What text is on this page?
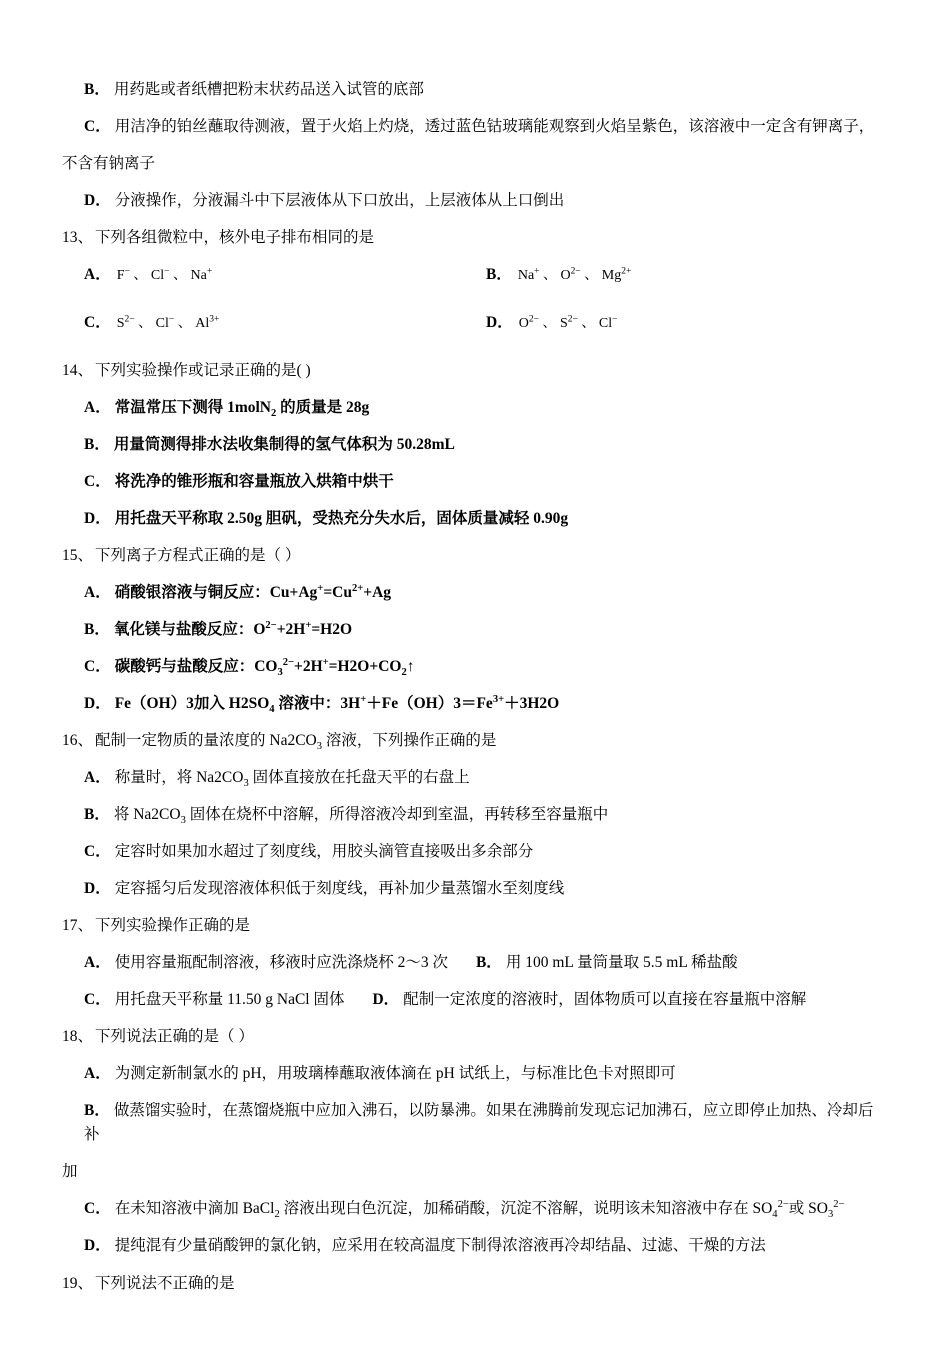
B． 用药匙或者纸槽把粉末状药品送入试管的底部

C． 用洁净的铂丝蘸取待测液，置于火焰上灼烧，透过蓝色钴玻璃能观察到火焰呈紫色，该溶液中一定含有钾离子，

不含有钠离子

D． 分液操作，分液漏斗中下层液体从下口放出，上层液体从上口倒出

13、 下列各组微粒中，核外电子排布相同的是

A． F− 、 Cl− 、 Na+	B． Na+ 、 $O^{2-}$ 、 $Mg^{2+}$
C． $S^{2-}$ 、 Cl− 、 $Al^{3+}$	D． $O^{2-}$ 、 $S^{2-}$ 、 Cl−

14、 下列实验操作或记录正确的是( )

A． 常温常压下测得 1molN$_2$ 的质量是 28g

B． 用量筒测得排水法收集制得的氢气体积为 50.28mL

C． 将洗净的锥形瓶和容量瓶放入烘箱中烘干

D． 用托盘天平称取 2.50g 胆矾，受热充分失水后，固体质量减轻 0.90g

15、 下列离子方程式正确的是（ ）

A． 硝酸银溶液与铜反应：$Cu+Ag^+=Cu^{2+}+Ag$

B． 氧化镁与盐酸反应：$O^{2-}+2H^+=H2O$

C． 碳酸钙与盐酸反应：$CO_3^{2-}+2H^+=H2O+CO_2↑$

D． Fe（OH）3加入 $H2SO_4$ 溶液中：$3H^++Fe(OH)3=Fe^{3+}+3H2O$

16、 配制一定物质的量浓度的 $Na2CO_3$ 溶液，下列操作正确的是

A． 称量时，将 $Na2CO_3$ 固体直接放在托盘天平的右盘上

B． 将 $Na2CO_3$ 固体在烧杯中溶解，所得溶液冷却到室温，再转移至容量瓶中

C． 定容时如果加水超过了刻度线，用胶头滴管直接吸出多余部分

D． 定容摇匀后发现溶液体积低于刻度线，再补加少量蒸馏水至刻度线

17、 下列实验操作正确的是

A． 使用容量瓶配制溶液，移液时应洗涤烧杯 2～3 次 B． 用 100 mL 量筒量取 5.5 mL 稀盐酸

C． 用托盘天平称量 11.50 g NaCl 固体 D． 配制一定浓度的溶液时，固体物质可以直接在容量瓶中溶解

18、 下列说法正确的是（ ）

A． 为测定新制氯水的 pH，用玻璃棒蘸取液体滴在 pH 试纸上，与标准比色卡对照即可

B． 做蒸馏实验时，在蒸馏烧瓶中应加入沸石，以防暴沸。如果在沸腾前发现忘记加沸石，应立即停止加热、冷却后补

加

C． 在未知溶液中滴加 BaCl$_2$ 溶液出现白色沉淀，加稀硝酸，沉淀不溶解，说明该未知溶液中存在 $SO_4^{2-}$或 $SO_3^{2-}$

D． 提纯混有少量硝酸钾的氯化钠，应采用在较高温度下制得浓溶液再冷却结晶、过滤、干燥的方法

19、 下列说法不正确的是
